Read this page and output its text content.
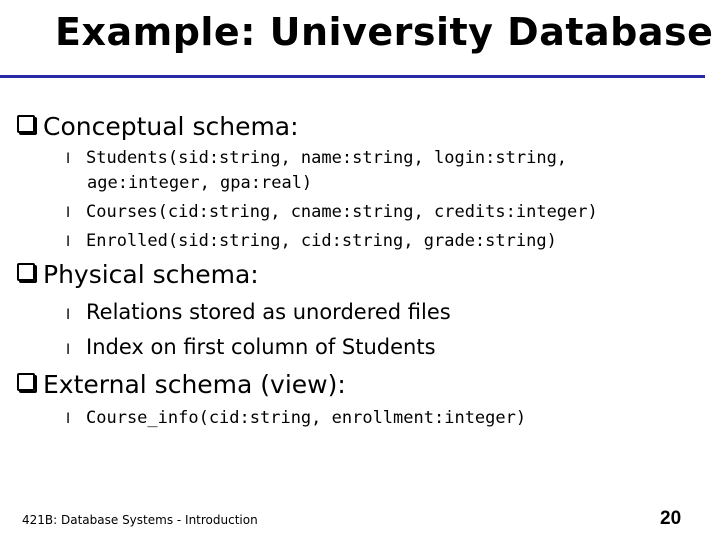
Example: University Database
Conceptual schema:
I Students(sid:string, name:string, login:string,
age:integer, gpa:real)
I Courses(cid:string, cname:string, credits:integer)
I Enrolled(sid:string, cid:string, grade:string)
Physical schema:
I Relations stored as unordered files
I Index on first column of Students
External schema (view):
I Course_info(cid:string, enrollment:integer)
421B: Database Systems - Introduction	20
